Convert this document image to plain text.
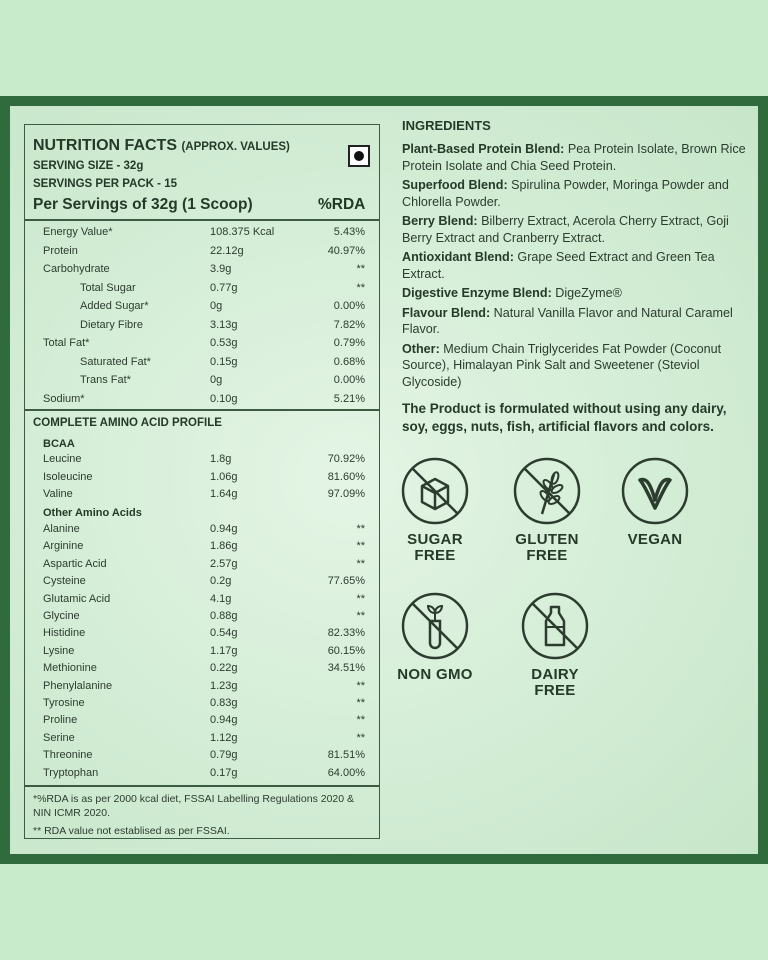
NUTRITION FACTS (APPROX. VALUES)
SERVING SIZE - 32g
SERVINGS PER PACK - 15
Per Servings of 32g (1 Scoop)	%RDA
Energy Value*	108.375 Kcal	5.43%
Protein	22.12g	40.97%
Carbohydrate	3.9g	**
Total Sugar	0.77g	**
Added Sugar*	0g	0.00%
Dietary Fibre	3.13g	7.82%
Total Fat*	0.53g	0.79%
Saturated Fat*	0.15g	0.68%
Trans Fat*	0g	0.00%
Sodium*	0.10g	5.21%
COMPLETE AMINO ACID PROFILE
BCAA
Leucine	1.8g	70.92%
Isoleucine	1.06g	81.60%
Valine	1.64g	97.09%
Other Amino Acids
Alanine	0.94g	**
Arginine	1.86g	**
Aspartic Acid	2.57g	**
Cysteine	0.2g	77.65%
Glutamic Acid	4.1g	**
Glycine	0.88g	**
Histidine	0.54g	82.33%
Lysine	1.17g	60.15%
Methionine	0.22g	34.51%
Phenylalanine	1.23g	**
Tyrosine	0.83g	**
Proline	0.94g	**
Serine	1.12g	**
Threonine	0.79g	81.51%
Tryptophan	0.17g	64.00%
*%RDA is as per 2000 kcal diet, FSSAI Labelling Regulations 2020 & NIN ICMR 2020.
** RDA value not establised as per FSSAI.
INGREDIENTS
Plant-Based Protein Blend: Pea Protein Isolate, Brown Rice Protein Isolate and Chia Seed Protein.
Superfood Blend: Spirulina Powder, Moringa Powder and Chlorella Powder.
Berry Blend: Bilberry Extract, Acerola Cherry Extract, Goji Berry Extract and Cranberry Extract.
Antioxidant Blend: Grape Seed Extract and Green Tea Extract.
Digestive Enzyme Blend: DigeZyme®
Flavour Blend: Natural Vanilla Flavor and Natural Caramel Flavor.
Other: Medium Chain Triglycerides Fat Powder (Coconut Source), Himalayan Pink Salt and Sweetener (Steviol Glycoside)
The Product is formulated without using any dairy, soy, eggs, nuts, fish, artificial flavors and colors.
SUGAR FREE
GLUTEN FREE
VEGAN
NON GMO	DAIRY FREE
